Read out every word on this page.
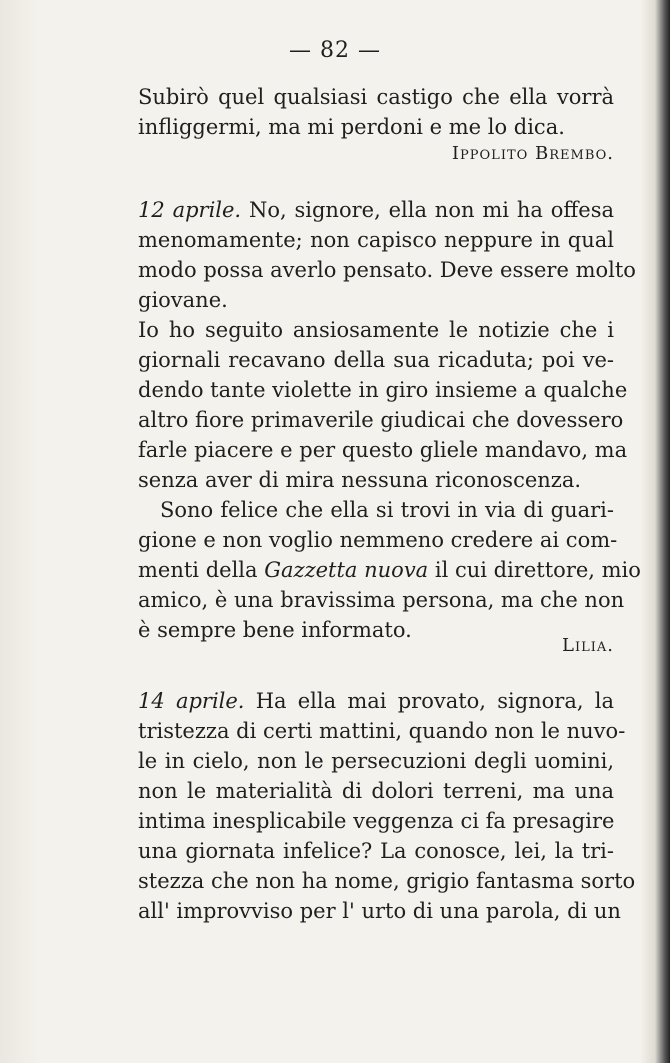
— 82 —
Subirò quel qualsiasi castigo che ella vorrà
infliggermi, ma mi perdoni e me lo dica.
Ippolito Brembo.
12 aprile. No, signore, ella non mi ha offesa
menomamente; non capisco neppure in qual
modo possa averlo pensato. Deve essere molto
giovane.
Io ho seguito ansiosamente le notizie che i
giornali recavano della sua ricaduta; poi ve-
dendo tante violette in giro insieme a qualche
altro fiore primaverile giudicai che dovessero
farle piacere e per questo gliele mandavo, ma
senza aver di mira nessuna riconoscenza.
Sono felice che ella si trovi in via di guari-
gione e non voglio nemmeno credere ai com-
menti della Gazzetta nuova il cui direttore, mio
amico, è una bravissima persona, ma che non
è sempre bene informato.
Lilia.
14 aprile. Ha ella mai provato, signora, la
tristezza di certi mattini, quando non le nuvo-
le in cielo, non le persecuzioni degli uomini,
non le materialità di dolori terreni, ma una
intima inesplicabile veggenza ci fa presagire
una giornata infelice? La conosce, lei, la tri-
stezza che non ha nome, grigio fantasma sorto
all' improvviso per l' urto di una parola, di un
